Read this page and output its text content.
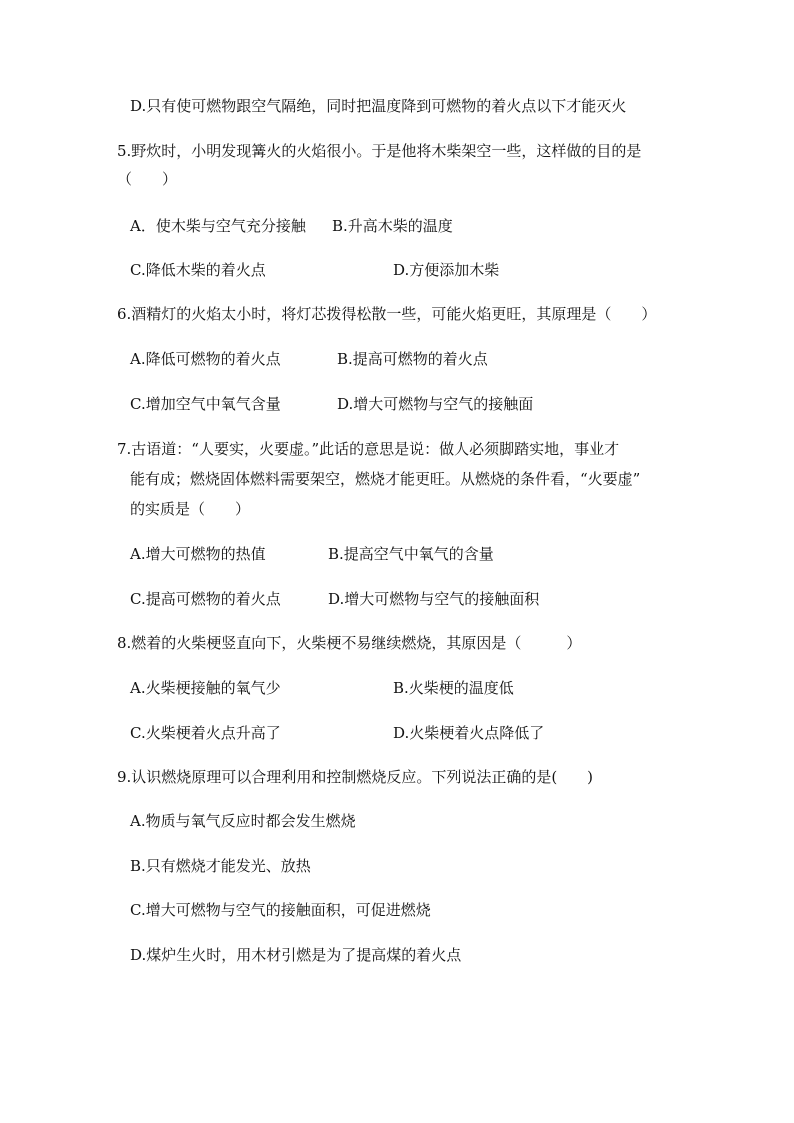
D.只有使可燃物跟空气隔绝，同时把温度降到可燃物的着火点以下才能灭火
5.野炊时，小明发现篝火的火焰很小。于是他将木柴架空一些，这样做的目的是
（　　）
A．使木柴与空气充分接触 B.升高木柴的温度
C.降低木柴的着火点	D.方便添加木柴
6.酒精灯的火焰太小时，将灯芯拨得松散一些，可能火焰更旺，其原理是（　　）
A.降低可燃物的着火点	B.提高可燃物的着火点
C.增加空气中氧气含量	D.增大可燃物与空气的接触面
7.古语道：“人要实，火要虚。”此话的意思是说：做人必须脚踏实地，事业才
能有成；燃烧固体燃料需要架空，燃烧才能更旺。从燃烧的条件看，“火要虚”
的实质是（　　）
A.增大可燃物的热值	B.提高空气中氧气的含量
C.提高可燃物的着火点	D.增大可燃物与空气的接触面积
8.燃着的火柴梗竖直向下，火柴梗不易继续燃烧，其原因是（　　　）
A.火柴梗接触的氧气少	B.火柴梗的温度低
C.火柴梗着火点升高了	D.火柴梗着火点降低了
9.认识燃烧原理可以合理利用和控制燃烧反应。下列说法正确的是(　　)
A.物质与氧气反应时都会发生燃烧
B.只有燃烧才能发光、放热
C.增大可燃物与空气的接触面积，可促进燃烧
D.煤炉生火时，用木材引燃是为了提高煤的着火点
